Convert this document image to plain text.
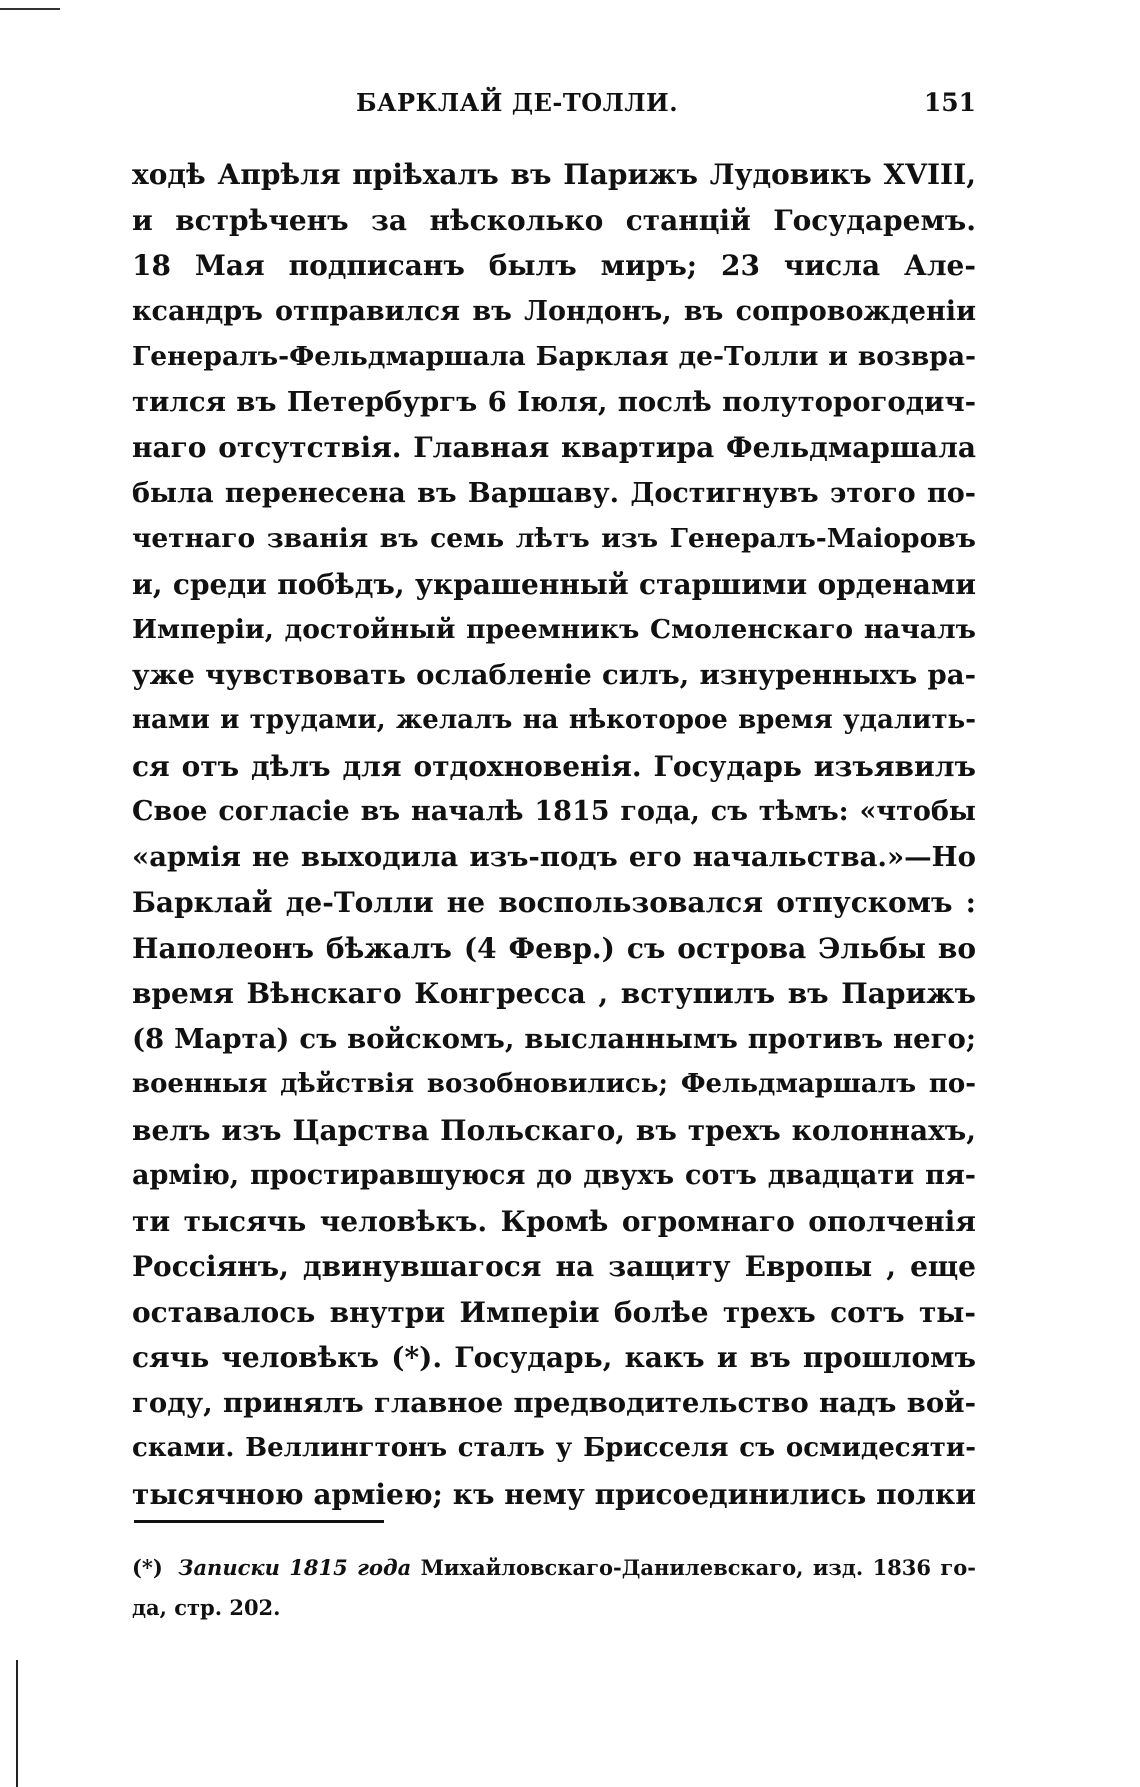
БАРКЛАЙ ДЕ-ТОЛЛИ.	151
ходѣ Апрѣля пріѣхалъ въ Парижъ Лудовикъ XVIII,
и встрѣченъ за нѣсколько станцій Государемъ.
18 Мая подписанъ былъ миръ; 23 числа Але-
ксандръ отправился въ Лондонъ, въ сопровожденіи
Генералъ-Фельдмаршала Барклая де-Толли и возвра-
тился въ Петербургъ 6 Іюля, послѣ полуторогодич-
наго отсутствія. Главная квартира Фельдмаршала
была перенесена въ Варшаву. Достигнувъ этого по-
четнаго званія въ семь лѣтъ изъ Генералъ-Маіоровъ
и, среди побѣдъ, украшенный старшими орденами
Имперіи, достойный преемникъ Смоленскаго началъ
уже чувствовать ослабленіе силъ, изнуренныхъ ра-
нами и трудами, желалъ на нѣкоторое время удалить-
ся отъ дѣлъ для отдохновенія. Государь изъявилъ
Свое согласіе въ началѣ 1815 года, съ тѣмъ: «чтобы
«армія не выходила изъ-подъ его начальства.»—Но
Барклай де-Толли не воспользовался отпускомъ :
Наполеонъ бѣжалъ (4 Февр.) съ острова Эльбы во
время Вѣнскаго Конгресса , вступилъ въ Парижъ
(8 Марта) съ войскомъ, высланнымъ противъ него;
военныя дѣйствія возобновились; Фельдмаршалъ по-
велъ изъ Царства Польскаго, въ трехъ колоннахъ,
армію, простиравшуюся до двухъ сотъ двадцати пя-
ти тысячь человѣкъ. Кромѣ огромнаго ополченія
Россіянъ, двинувшагося на защиту Европы , еще
оставалось внутри Имперіи болѣе трехъ сотъ ты-
сячь человѣкъ (*). Государь, какъ и въ прошломъ
году, принялъ главное предводительство надъ вой-
сками. Веллингтонъ сталъ у Брисселя съ осмидесяти-
тысячною арміею; къ нему присоединились полки
(*) Записки 1815 года Михайловскаго-Данилевскаго, изд. 1836 го-
да, стр. 202.
